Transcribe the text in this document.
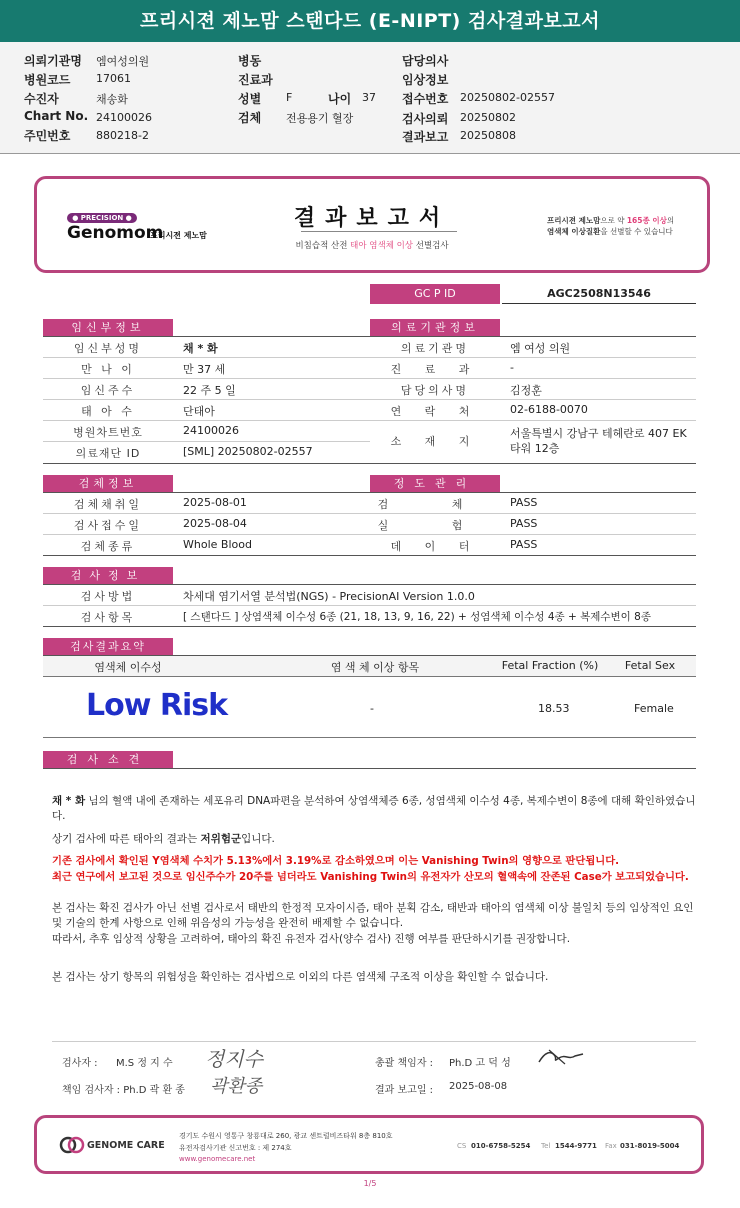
프리시젼 제노맘 스탠다드 (E-NIPT) 검사결과보고서
의뢰기관명 엠여성의원
병원코드 17061
수진자	채송화
Chart No. 24100026
주민번호 880218-2
병동
진료과
성별 F	나이 37
검체 전용용기 혈장
담당의사
임상정보
접수번호 20250802-02557
검사의뢰 20250802
결과보고 20250808
● PRECISION ●
Genomom
프리시젼 제노맘
결과보고서
비침습적 산전 태아 염색체 이상 선별검사
프리시젼 제노맘으로 약 165종 이상의
염색체 이상질환을 선별할 수 있습니다
GC P ID	AGC2508N13546
임신부정보	의료기관정보
임신부성명	채 * 화
만 나 이	만 37 세
임신주수	22 주 5 일
태 아 수	단태아
병원차트번호	24100026
의료재단 ID	[SML] 20250802-02557
의료기관명	엠 여성 의원
진 료 과	-
담당의사명	김정훈
연 락 처	02-6188-0070
소 재 지
서울특별시 강남구 테헤란로 407 EK타워 12층
검체정보	정도관리
검체채취일	2025-08-01
검사접수일	2025-08-04
검체종류	Whole Blood
검 체	PASS
실 험	PASS
데 이 터	PASS
검사정보
검사방법	차세대 염기서열 분석법(NGS) - PrecisionAI Version 1.0.0
검사항목	[ 스탠다드 ] 상염색체 이수성 6종 (21, 18, 13, 9, 16, 22) + 성염색체 이수성 4종 + 복제수변이 8종
검사결과요약
염색체 이수성	염 색 체 이상 항목	Fetal Fraction (%)	Fetal Sex
Low Risk	-	18.53	Female
검사소견
채 * 화 님의 혈액 내에 존재하는 세포유리 DNA파편을 분석하여 상염색체증 6종, 성염색체 이수성 4종, 복제수변이 8종에 대해 확인하였습니다.
상기 검사에 따른 태아의 결과는 저위험군입니다.
기존 검사에서 확인된 Y염색체 수치가 5.13%에서 3.19%로 감소하였으며 이는 Vanishing Twin의 영향으로 판단됩니다.
최근 연구에서 보고된 것으로 임신주수가 20주를 넘더라도 Vanishing Twin의 유전자가 산모의 혈액속에 잔존된 Case가 보고되었습니다.
본 검사는 확진 검사가 아닌 선별 검사로서 태반의 한정적 모자이시즘, 태아 분획 감소, 태반과 태아의 염색체 이상 불일치 등의 임상적인 요인 및 기술의 한계 사항으로 인해 위음성의 가능성을 완전히 배제할 수 없습니다.
따라서, 추후 임상적 상황을 고려하여, 태아의 확진 유전자 검사(양수 검사) 진행 여부를 판단하시기를 권장합니다.
본 검사는 상기 항목의 위험성을 확인하는 검사법으로 이외의 다른 염색체 구조적 이상을 확인할 수 없습니다.
검사자 : M.S 정 지 수 정지수
책임 검사자 : Ph.D 곽 환 종 곽환종
총괄 책임자 : Ph.D 고 덕 성
결과 보고일 : 2025-08-08
GENOME CARE
경기도 수원시 영통구 창룡대로 260, 광교 센트럴비즈타워 8층 810호
유전자검사기관 신고번호 : 제 274호
www.genomecare.net
CS 010-6758-5254 Tel 1544-9771 Fax 031-8019-5004
1/5
